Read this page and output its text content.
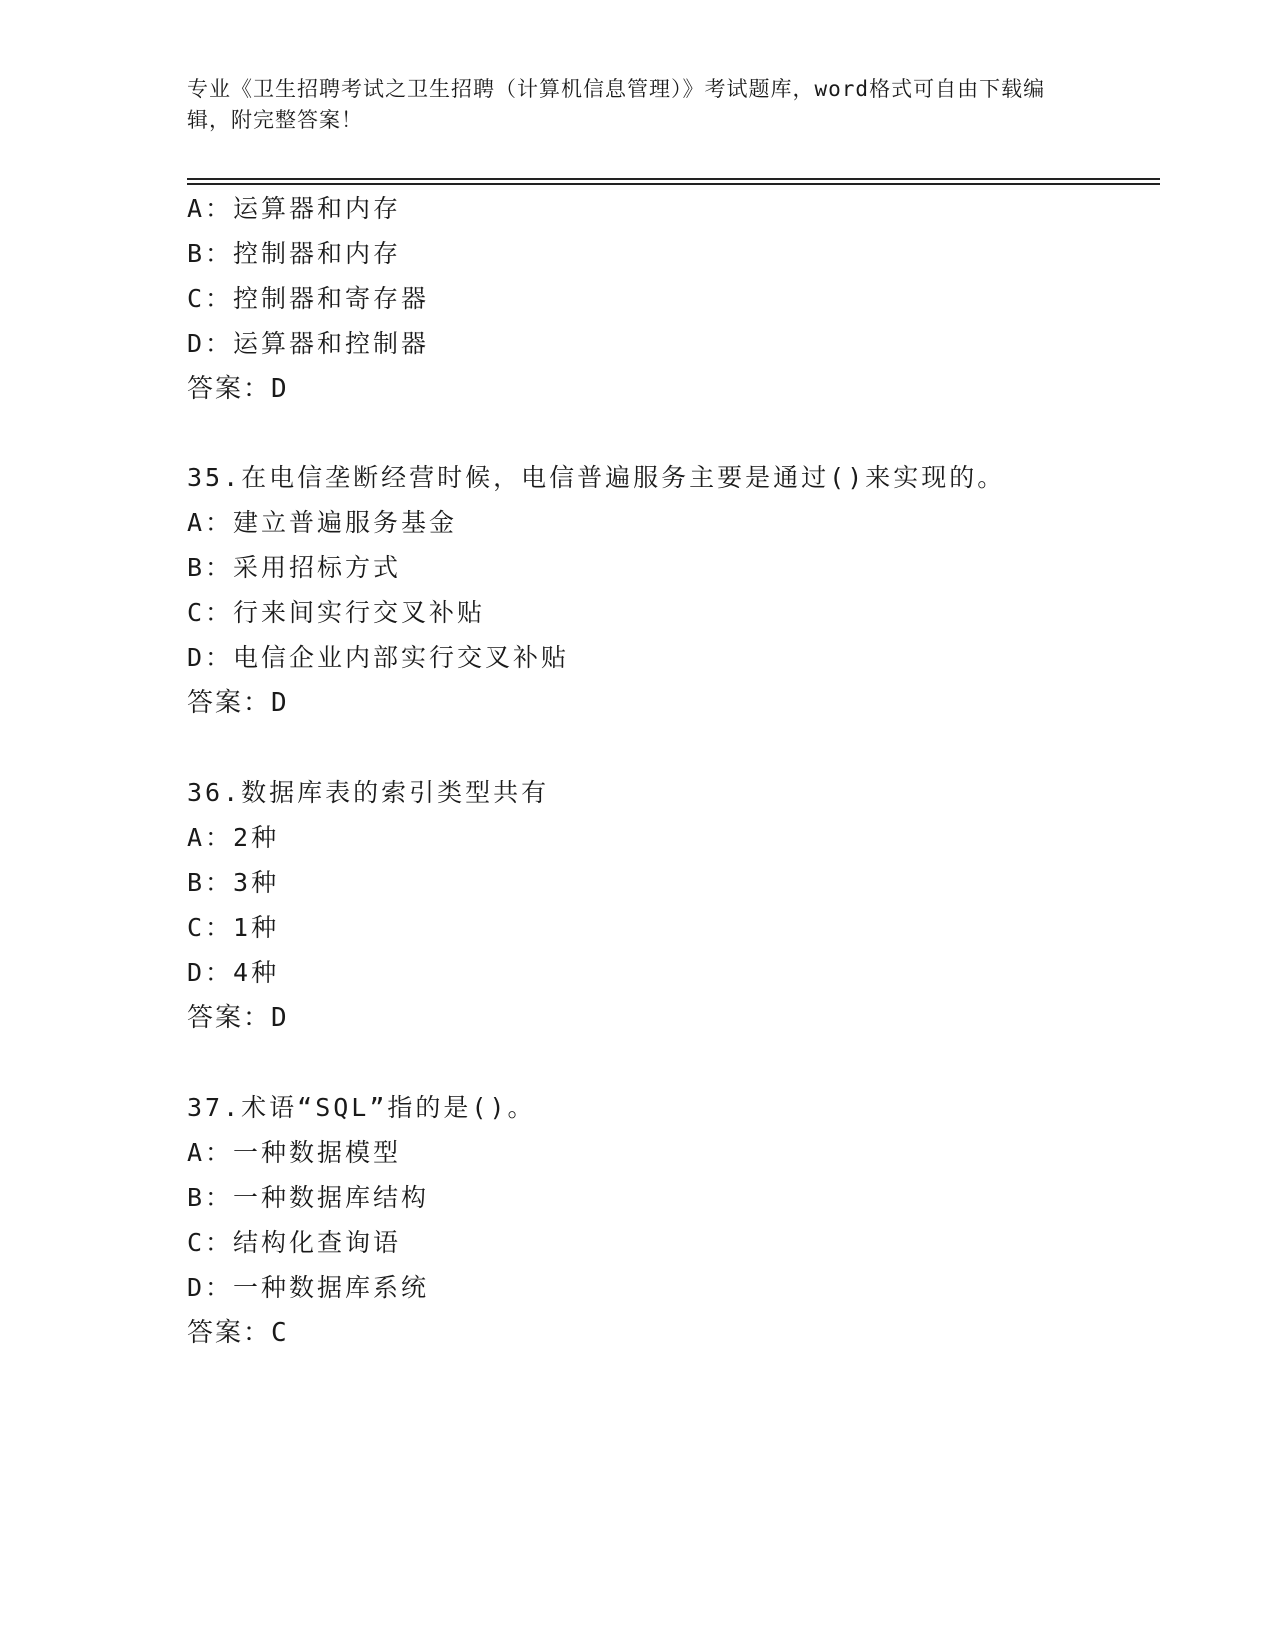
专业《卫生招聘考试之卫生招聘（计算机信息管理）》考试题库，word格式可自由下载编辑，附完整答案！
A：运算器和内存
B：控制器和内存
C：控制器和寄存器
D：运算器和控制器
答案：D
35.在电信垄断经营时候，电信普遍服务主要是通过()来实现的。
A：建立普遍服务基金
B：采用招标方式
C：行来间实行交叉补贴
D：电信企业内部实行交叉补贴
答案：D
36.数据库表的索引类型共有
A：2种
B：3种
C：1种
D：4种
答案：D
37.术语“SQL”指的是()。
A：一种数据模型
B：一种数据库结构
C：结构化查询语
D：一种数据库系统
答案：C
